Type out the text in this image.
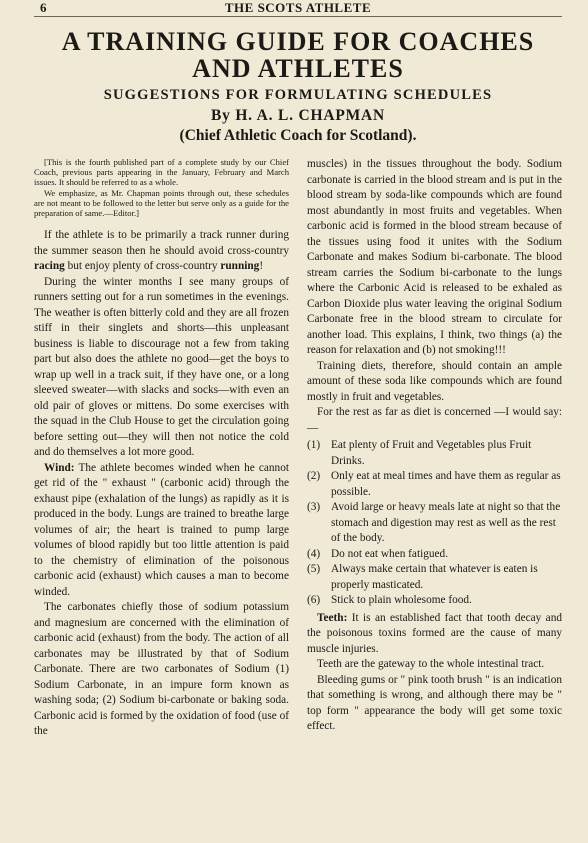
6	THE SCOTS ATHLETE
A TRAINING GUIDE FOR COACHES
AND ATHLETES
SUGGESTIONS FOR FORMULATING SCHEDULES
By H. A. L. CHAPMAN
(Chief Athletic Coach for Scotland).

[This is the fourth published part of a complete study by our Chief Coach, previous parts appearing in the January, February and March issues. It should be referred to as a whole.

We emphasize, as Mr. Chapman points through out, these schedules are not meant to be followed to the letter but serve only as a guide for the preparation of same.—Editor.]

If the athlete is to be primarily a track runner during the summer season then he should avoid cross-country racing but enjoy plenty of cross-country running!

During the winter months I see many groups of runners setting out for a run sometimes in the evenings. The weather is often bitterly cold and they are all frozen stiff in their singlets and shorts—this unpleasant business is liable to discourage not a few from taking part but also does the athlete no good—get the boys to wrap up well in a track suit, if they have one, or a long sleeved sweater—with slacks and socks—with even an old pair of gloves or mittens. Do some exercises with the squad in the Club House to get the circulation going before setting out—they will then not notice the cold and do themselves a lot more good.

Wind: The athlete becomes winded when he cannot get rid of the " exhaust " (carbonic acid) through the exhaust pipe (exhalation of the lungs) as rapidly as it is produced in the body. Lungs are trained to breathe large volumes of air; the heart is trained to pump large volumes of blood rapidly but too little attention is paid to the chemistry of elimination of the poisonous carbonic acid (exhaust) which causes a man to become winded.

The carbonates chiefly those of sodium potassium and magnesium are concerned with the elimination of carbonic acid (exhaust) from the body. The action of all carbonates may be illustrated by that of Sodium Carbonate. There are two carbonates of Sodium (1) Sodium Carbonate, in an impure form known as washing soda; (2) Sodium bi-carbonate or baking soda. Carbonic acid is formed by the oxidation of food (use of the

muscles) in the tissues throughout the body. Sodium carbonate is carried in the blood stream and is put in the blood stream by soda-like compounds which are found most abundantly in most fruits and vegetables. When carbonic acid is formed in the blood stream because of the tissues using food it unites with the Sodium Carbonate and makes Sodium bi-carbonate. The blood stream carries the Sodium bi-carbonate to the lungs where the Carbonic Acid is released to be exhaled as Carbon Dioxide plus water leaving the original Sodium Carbonate free in the blood stream to circulate for another load. This explains, I think, two things (a) the reason for relaxation and (b) not smoking!!!

Training diets, therefore, should contain an ample amount of these soda like compounds which are found mostly in fruit and vegetables.

For the rest as far as diet is concerned —I would say:—

(1) Eat plenty of Fruit and Vegetables plus Fruit Drinks.
(2) Only eat at meal times and have them as regular as possible.
(3) Avoid large or heavy meals late at night so that the stomach and digestion may rest as well as the rest of the body.
(4) Do not eat when fatigued.
(5) Always make certain that whatever is eaten is properly masticated.
(6) Stick to plain wholesome food.

Teeth: It is an established fact that tooth decay and the poisonous toxins formed are the cause of many muscle injuries.

Teeth are the gateway to the whole intestinal tract.

Bleeding gums or " pink tooth brush " is an indication that something is wrong, and although there may be " top form " appearance the body will get some toxic effect.
